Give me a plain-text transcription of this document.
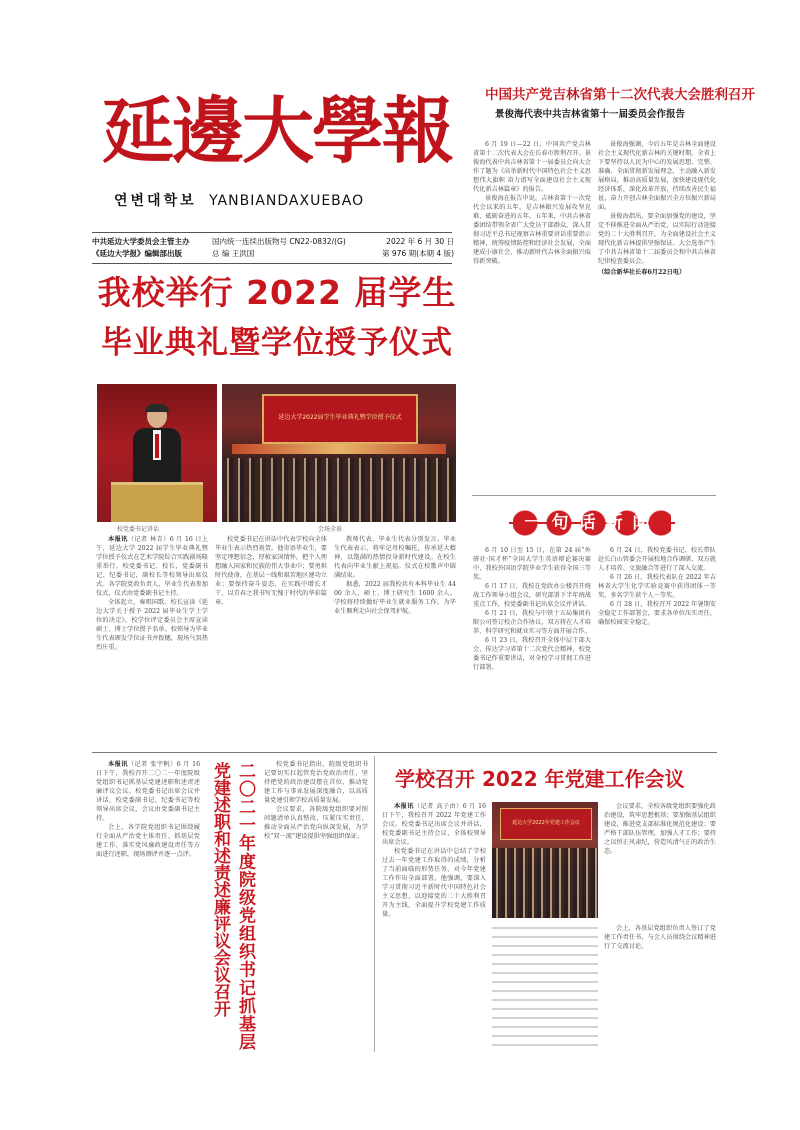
延邊大學報
연변대학보 YANBIANDAXUEBAO
中共延边大学委员会主管主办
《延边大学报》编辑部出版
国内统一连续出版物号 CN22-0832/(G)
总 编 王洪国
2022 年 6 月 30 日
第 976 期(本期 4 版)
我校举行 2022 届学生
毕业典礼暨学位授予仪式
延边大学2022届学生毕业典礼暨学位授予仪式
校党委书记讲话	会场全景
中国共产党吉林省第十二次代表大会胜利召开
景俊海代表中共吉林省第十一届委员会作报告

6 月 19 日—22 日，中国共产党吉林省第十二次代表大会在长春市胜利召开。景俊海代表中共吉林省第十一届委员会向大会作了题为《高举新时代中国特色社会主义思想伟大旗帜 奋力谱写全面建设社会主义现代化新吉林篇章》的报告。

景俊海在报告中说，吉林省第十一次党代会以来的五年，是吉林振兴发展攻坚克难、砥砺奋进的五年。五年来，中共吉林省委团结带领全省广大党员干部群众，深入贯彻习近平总书记视察吉林重要讲话重要指示精神，统筹疫情防控和经济社会发展，全面建成小康社会，推动新时代吉林全面振兴取得新突破。

景俊海强调，今后五年是吉林全面建设社会主义现代化新吉林的关键时期。全省上下要坚持以人民为中心的发展思想，完整、准确、全面贯彻新发展理念，主动融入新发展格局，推动高质量发展，加快建设现代化经济体系，深化改革开放，持续改善民生福祉，奋力开创吉林全面振兴全方位振兴新局面。

景俊海指出，要全面加强党的建设，坚定不移推进全面从严治党，以实际行动迎接党的二十大胜利召开，为全面建设社会主义现代化新吉林提供坚强保证。大会选举产生了中共吉林省第十二届委员会和中共吉林省纪律检查委员会。

（综合新华社长春6月22日电）

一句话新闻

6 月 10 日至 15 日，在第 24 届“外研社·国才杯”全国大学生英语辩论赛决赛中，我校外国语学院毕业学生获得全国三等奖。

6 月 17 日，我校在党政办公楼召开统战工作领导小组会议，研究部署下半年统战重点工作，校党委副书记出席会议并讲话。

6 月 21 日，我校与中铁十五局集团有限公司签订校企合作协议，双方将在人才培养、科学研究和就业实习等方面开展合作。

6 月 23 日，我校召开全体中层干部大会，传达学习省第十二次党代会精神，校党委书记作重要讲话，对全校学习贯彻工作进行部署。

6 月 24 日，我校党委书记、校长带队赴长白山管委会开展校地合作调研，双方就人才培养、文旅融合等进行了深入交流。

6 月 26 日，我校代表队在 2022 年吉林省大学生化学实验竞赛中获得团体一等奖，多名学生获个人一等奖。

6 月 28 日，我校召开 2022 年暑期安全稳定工作部署会，要求各单位压实责任，确保校园安全稳定。

本报讯（记者 林青）6 月 16 日上午，延边大学 2022 届学生毕业典礼暨学位授予仪式在艺术学院综合实践剧场隆重举行。校党委书记、校长，党委副书记、纪委书记，副校长等校领导出席仪式。各学院党政负责人、毕业生代表参加仪式，仪式由党委副书记主持。

全体起立，奏唱国歌。校长宣读《延边大学关于授予 2022 届毕业生学士学位的决定》，校学位评定委员会主席宣读硕士、博士学位授予名单。校领导为毕业生代表颁发学位证书并拨穗，现场气氛热烈庄重。

校党委书记在讲话中代表学校向全体毕业生表示热烈祝贺。他寄语毕业生，要坚定理想信念，厚植家国情怀，把个人理想融入国家和民族的伟大事业中；要勇担时代使命，在基层一线和艰苦地区建功立业；要保持奋斗姿态，在实践中增长才干，以青春之我书写无愧于时代的华彩篇章。

教师代表、毕业生代表分别发言。毕业生代表表示，将牢记母校嘱托，传承延大精神，以饱满的热情投身新时代建设。在校生代表向毕业生献上祝福。仪式在校歌声中圆满结束。

据悉，2022 届我校共有本科毕业生 4400 余人，硕士、博士研究生 1600 余人。学校将持续做好毕业生就业服务工作，为毕业生顺利走向社会保驾护航。

本报讯（记者 张宇帆）6 月 16 日下午，我校召开二〇二一年度院级党组织书记抓基层党建述职和述责述廉评议会议。校党委书记出席会议并讲话，校党委副书记、纪委书记等校领导出席会议，会议由党委副书记主持。

会上，各学院党组织书记围绕履行全面从严治党主体责任、抓基层党建工作、落实党风廉政建设责任等方面进行述职，现场测评并逐一点评。	二〇二一年度院级党组织书记抓基层党建述职和述责述廉评议会议召开	校党委书记指出，院级党组织书记要切实扛起管党治党政治责任，坚持把党的政治建设摆在首位，推动党建工作与事业发展深度融合，以高质量党建引领学校高质量发展。

会议要求，各院级党组织要对照问题清单认真整改，压紧压实责任，推动全面从严治党向纵深发展，为学校“双一流”建设提供坚强组织保证。

学校召开 2022 年党建工作会议

本报讯（记者 高子由）6 月 16 日下午，我校召开 2022 年党建工作会议。校党委书记出席会议并讲话，校党委副书记主持会议，全体校领导出席会议。

校党委书记在讲话中总结了学校过去一年党建工作取得的成绩，分析了当前面临的形势任务，对今年党建工作作出全面部署。他强调，要深入学习贯彻习近平新时代中国特色社会主义思想，以迎接党的二十大胜利召开为主线，全面提升学校党建工作质量。

延边大学2022年党建工作会议

会议要求，全校各级党组织要强化政治建设，筑牢思想根基；要加强基层组织建设，推进党支部标准化规范化建设；要严格干部队伍管理，加强人才工作；要持之以恒正风肃纪，营造风清气正的政治生态。

会上，各基层党组织负责人签订了党建工作责任书，与会人员围绕会议精神进行了交流讨论。
